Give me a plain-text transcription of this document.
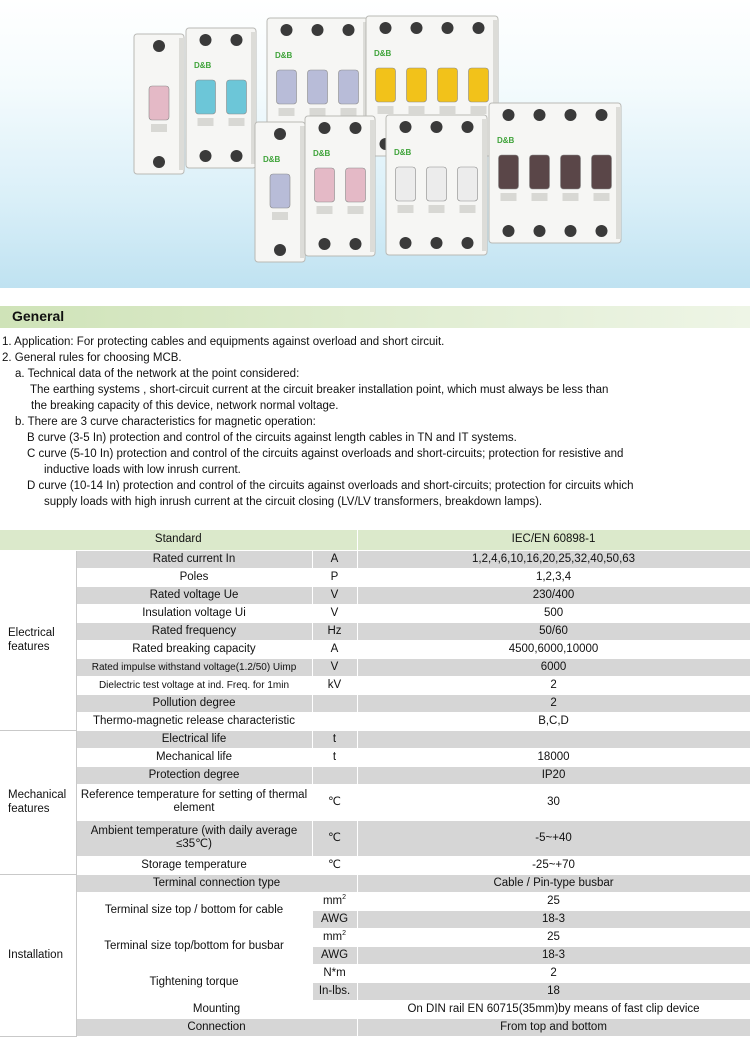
D&B
D&B	D&B
D&B
D&B	D&B
D&B
General
1. Application: For protecting cables and equipments against overload and short circuit.
2. General rules for choosing MCB.
a. Technical data of the network at the point considered:
The earthing systems , short-circuit current at the circuit breaker installation point, which must always be less than
the breaking capacity of this device, network normal voltage.
b. There are 3 curve characteristics for magnetic operation:
B curve (3-5 In) protection and control of the circuits against length cables in TN and IT systems.
C curve (5-10 In) protection and control of the circuits against overloads and short-circuits; protection for resistive and
inductive loads with low inrush current.
D curve (10-14 In) protection and control of the circuits against overloads and short-circuits; protection for circuits which
supply loads with high inrush current at the circuit closing (LV/LV transformers, breakdown lamps).
Standard			IEC/EN 60898-1
Electrical features	Rated current In	A	1,2,4,6,10,16,20,25,32,40,50,63
	Poles	P	1,2,3,4
	Rated voltage Ue	V	230/400
	Insulation voltage Ui	V	500
	Rated frequency	Hz	50/60
	Rated breaking capacity	A	4500,6000,10000
	Rated impulse withstand voltage(1.2/50) Uimp	V	6000
	Dielectric test voltage at ind. Freq. for 1min	kV	2
	Pollution degree		2
	Thermo-magnetic release characteristic		B,C,D
Mechanical features	Electrical life	t	
	Mechanical life	t	18000
	Protection degree		IP20
	Reference temperature for setting of thermal element	℃	30
	Ambient temperature (with daily average ≤35℃)	℃	-5~+40
	Storage temperature	℃	-25~+70
Installation	Terminal connection type		Cable / Pin-type busbar
	Terminal size top / bottom for cable	$mm^2$	25
		AWG	18-3
	Terminal size top/bottom for busbar	$mm^2$	25
		AWG	18-3
	Tightening torque	N*m	2
		In-lbs.	18
	Mounting		On DIN rail EN 60715(35mm)by means of fast clip device
	Connection		From top and bottom
